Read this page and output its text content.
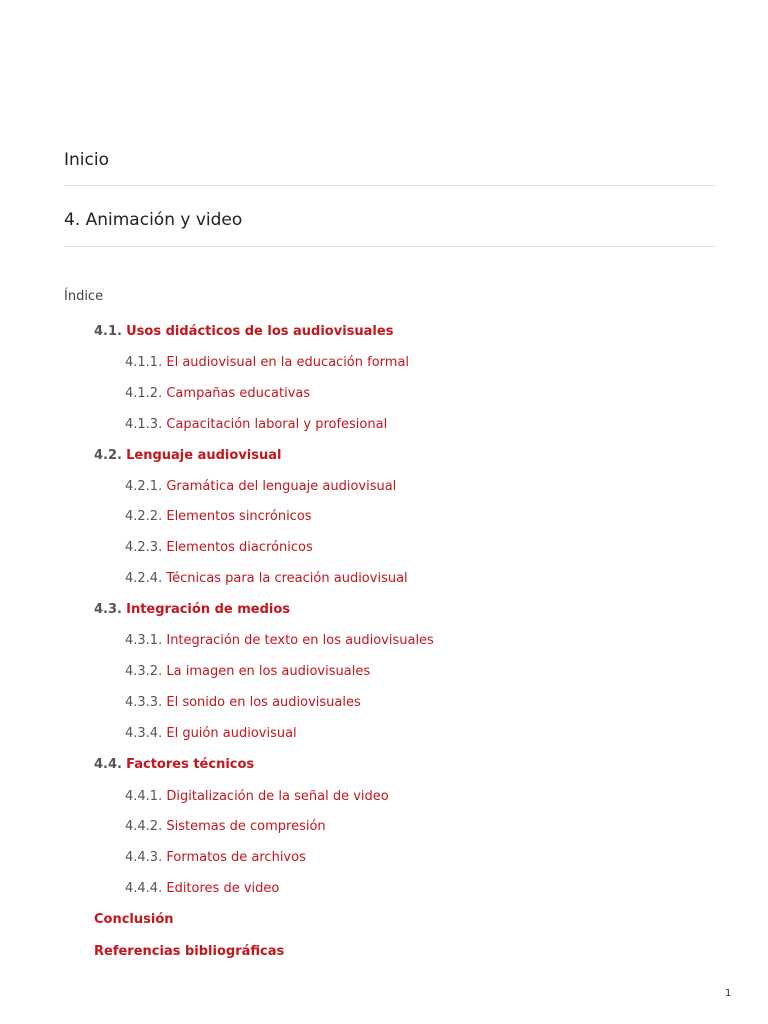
Inicio
4. Animación y video
Índice
4.1. Usos didácticos de los audiovisuales
4.1.1. El audiovisual en la educación formal
4.1.2. Campañas educativas
4.1.3. Capacitación laboral y profesional
4.2. Lenguaje audiovisual
4.2.1. Gramática del lenguaje audiovisual
4.2.2. Elementos sincrónicos
4.2.3. Elementos diacrónicos
4.2.4. Técnicas para la creación audiovisual
4.3. Integración de medios
4.3.1. Integración de texto en los audiovisuales
4.3.2. La imagen en los audiovisuales
4.3.3. El sonido en los audiovisuales
4.3.4. El guión audiovisual
4.4. Factores técnicos
4.4.1. Digitalización de la señal de video
4.4.2. Sistemas de compresión
4.4.3. Formatos de archivos
4.4.4. Editores de video
Conclusión
Referencias bibliográficas
1
